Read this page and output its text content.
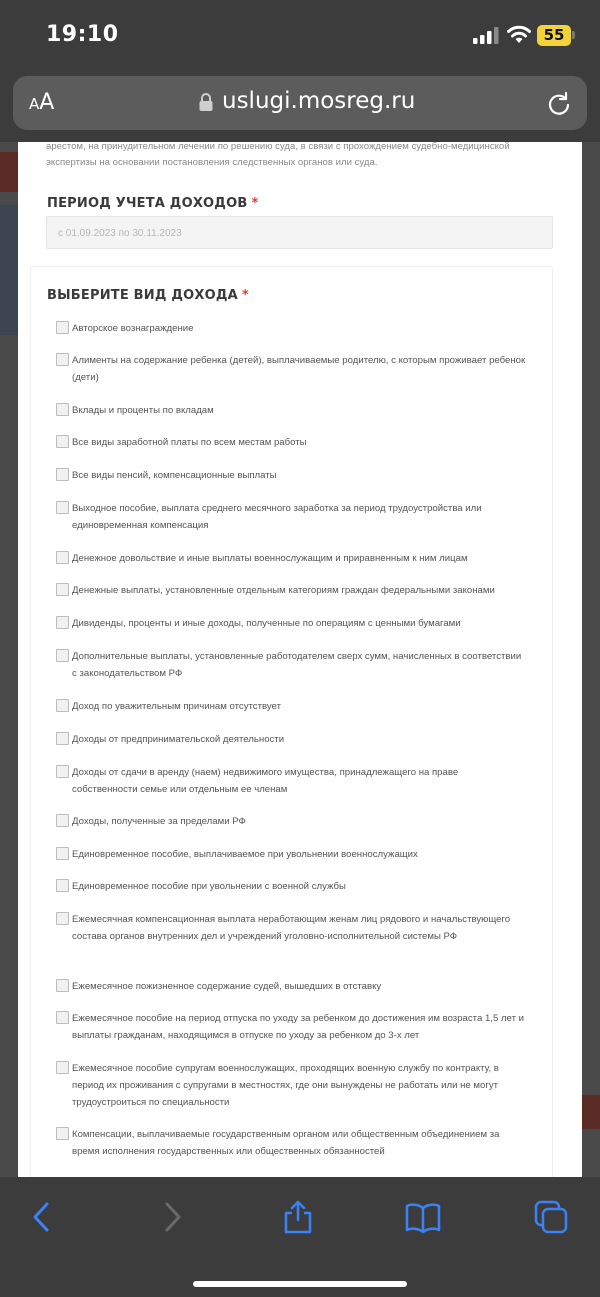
19:10	55
AA	uslugi.mosreg.ru
арестом, на принудительном лечении по решению суда, в связи с прохождением судебно-медицинской экспертизы на основании постановления следственных органов или суда.
ПЕРИОД УЧЕТА ДОХОДОВ *
с 01.09.2023 по 30.11.2023
ВЫБЕРИТЕ ВИД ДОХОДА *
Авторское вознаграждение
Алименты на содержание ребенка (детей), выплачиваемые родителю, с которым проживает ребенок (дети)
Вклады и проценты по вкладам
Все виды заработной платы по всем местам работы
Все виды пенсий, компенсационные выплаты
Выходное пособие, выплата среднего месячного заработка за период трудоустройства или единовременная компенсация
Денежное довольствие и иные выплаты военнослужащим и приравненным к ним лицам
Денежные выплаты, установленные отдельным категориям граждан федеральными законами
Дивиденды, проценты и иные доходы, полученные по операциям с ценными бумагами
Дополнительные выплаты, установленные работодателем сверх сумм, начисленных в соответствии с законодательством РФ
Доход по уважительным причинам отсутствует
Доходы от предпринимательской деятельности
Доходы от сдачи в аренду (наем) недвижимого имущества, принадлежащего на праве собственности семье или отдельным ее членам
Доходы, полученные за пределами РФ
Единовременное пособие, выплачиваемое при увольнении военнослужащих
Единовременное пособие при увольнении с военной службы
Ежемесячная компенсационная выплата неработающим женам лиц рядового и начальствующего состава органов внутренних дел и учреждений уголовно-исполнительной системы РФ
Ежемесячное пожизненное содержание судей, вышедших в отставку
Ежемесячное пособие на период отпуска по уходу за ребенком до достижения им возраста 1,5 лет и выплаты гражданам, находящимся в отпуске по уходу за ребенком до 3-х лет
Ежемесячное пособие супругам военнослужащих, проходящих военную службу по контракту, в период их проживания с супругами в местностях, где они вынуждены не работать или не могут трудоустроиться по специальности
Компенсации, выплачиваемые государственным органом или общественным объединением за время исполнения государственных или общественных обязанностей
